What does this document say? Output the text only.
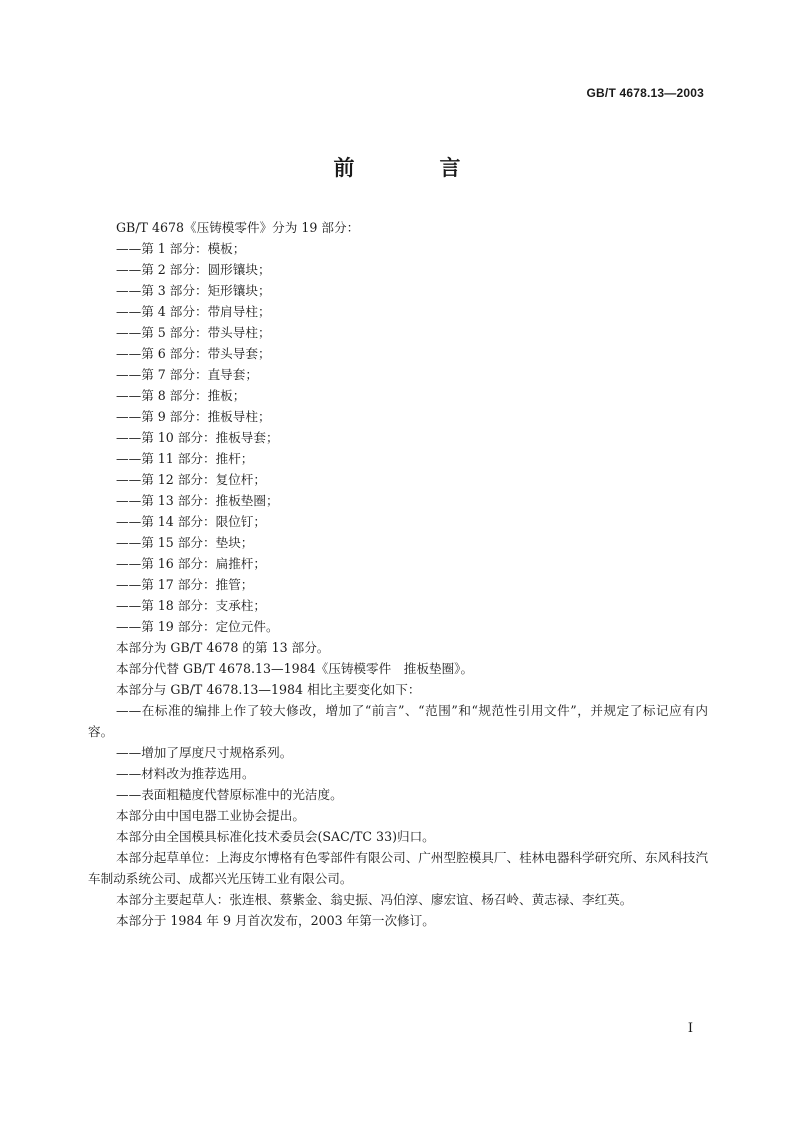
GB/T 4678.13—2003
前　言

GB/T 4678《压铸模零件》分为 19 部分：

——第 1 部分：模板；

——第 2 部分：圆形镶块；

——第 3 部分：矩形镶块；

——第 4 部分：带肩导柱；

——第 5 部分：带头导柱；

——第 6 部分：带头导套；

——第 7 部分：直导套；

——第 8 部分：推板；

——第 9 部分：推板导柱；

——第 10 部分：推板导套；

——第 11 部分：推杆；

——第 12 部分：复位杆；

——第 13 部分：推板垫圈；

——第 14 部分：限位钉；

——第 15 部分：垫块；

——第 16 部分：扁推杆；

——第 17 部分：推管；

——第 18 部分：支承柱；

——第 19 部分：定位元件。

本部分为 GB/T 4678 的第 13 部分。

本部分代替 GB/T 4678.13—1984《压铸模零件　推板垫圈》。

本部分与 GB/T 4678.13—1984 相比主要变化如下：

——在标准的编排上作了较大修改，增加了“前言”、“范围”和“规范性引用文件”，并规定了标记应有内容。

——增加了厚度尺寸规格系列。

——材料改为推荐选用。

——表面粗糙度代替原标准中的光洁度。

本部分由中国电器工业协会提出。

本部分由全国模具标准化技术委员会(SAC/TC 33)归口。

本部分起草单位：上海皮尔博格有色零部件有限公司、广州型腔模具厂、桂林电器科学研究所、东风科技汽车制动系统公司、成都兴光压铸工业有限公司。

本部分主要起草人：张连根、蔡紫金、翁史振、冯伯淳、廖宏谊、杨召岭、黄志禄、李红英。

本部分于 1984 年 9 月首次发布，2003 年第一次修订。

I
